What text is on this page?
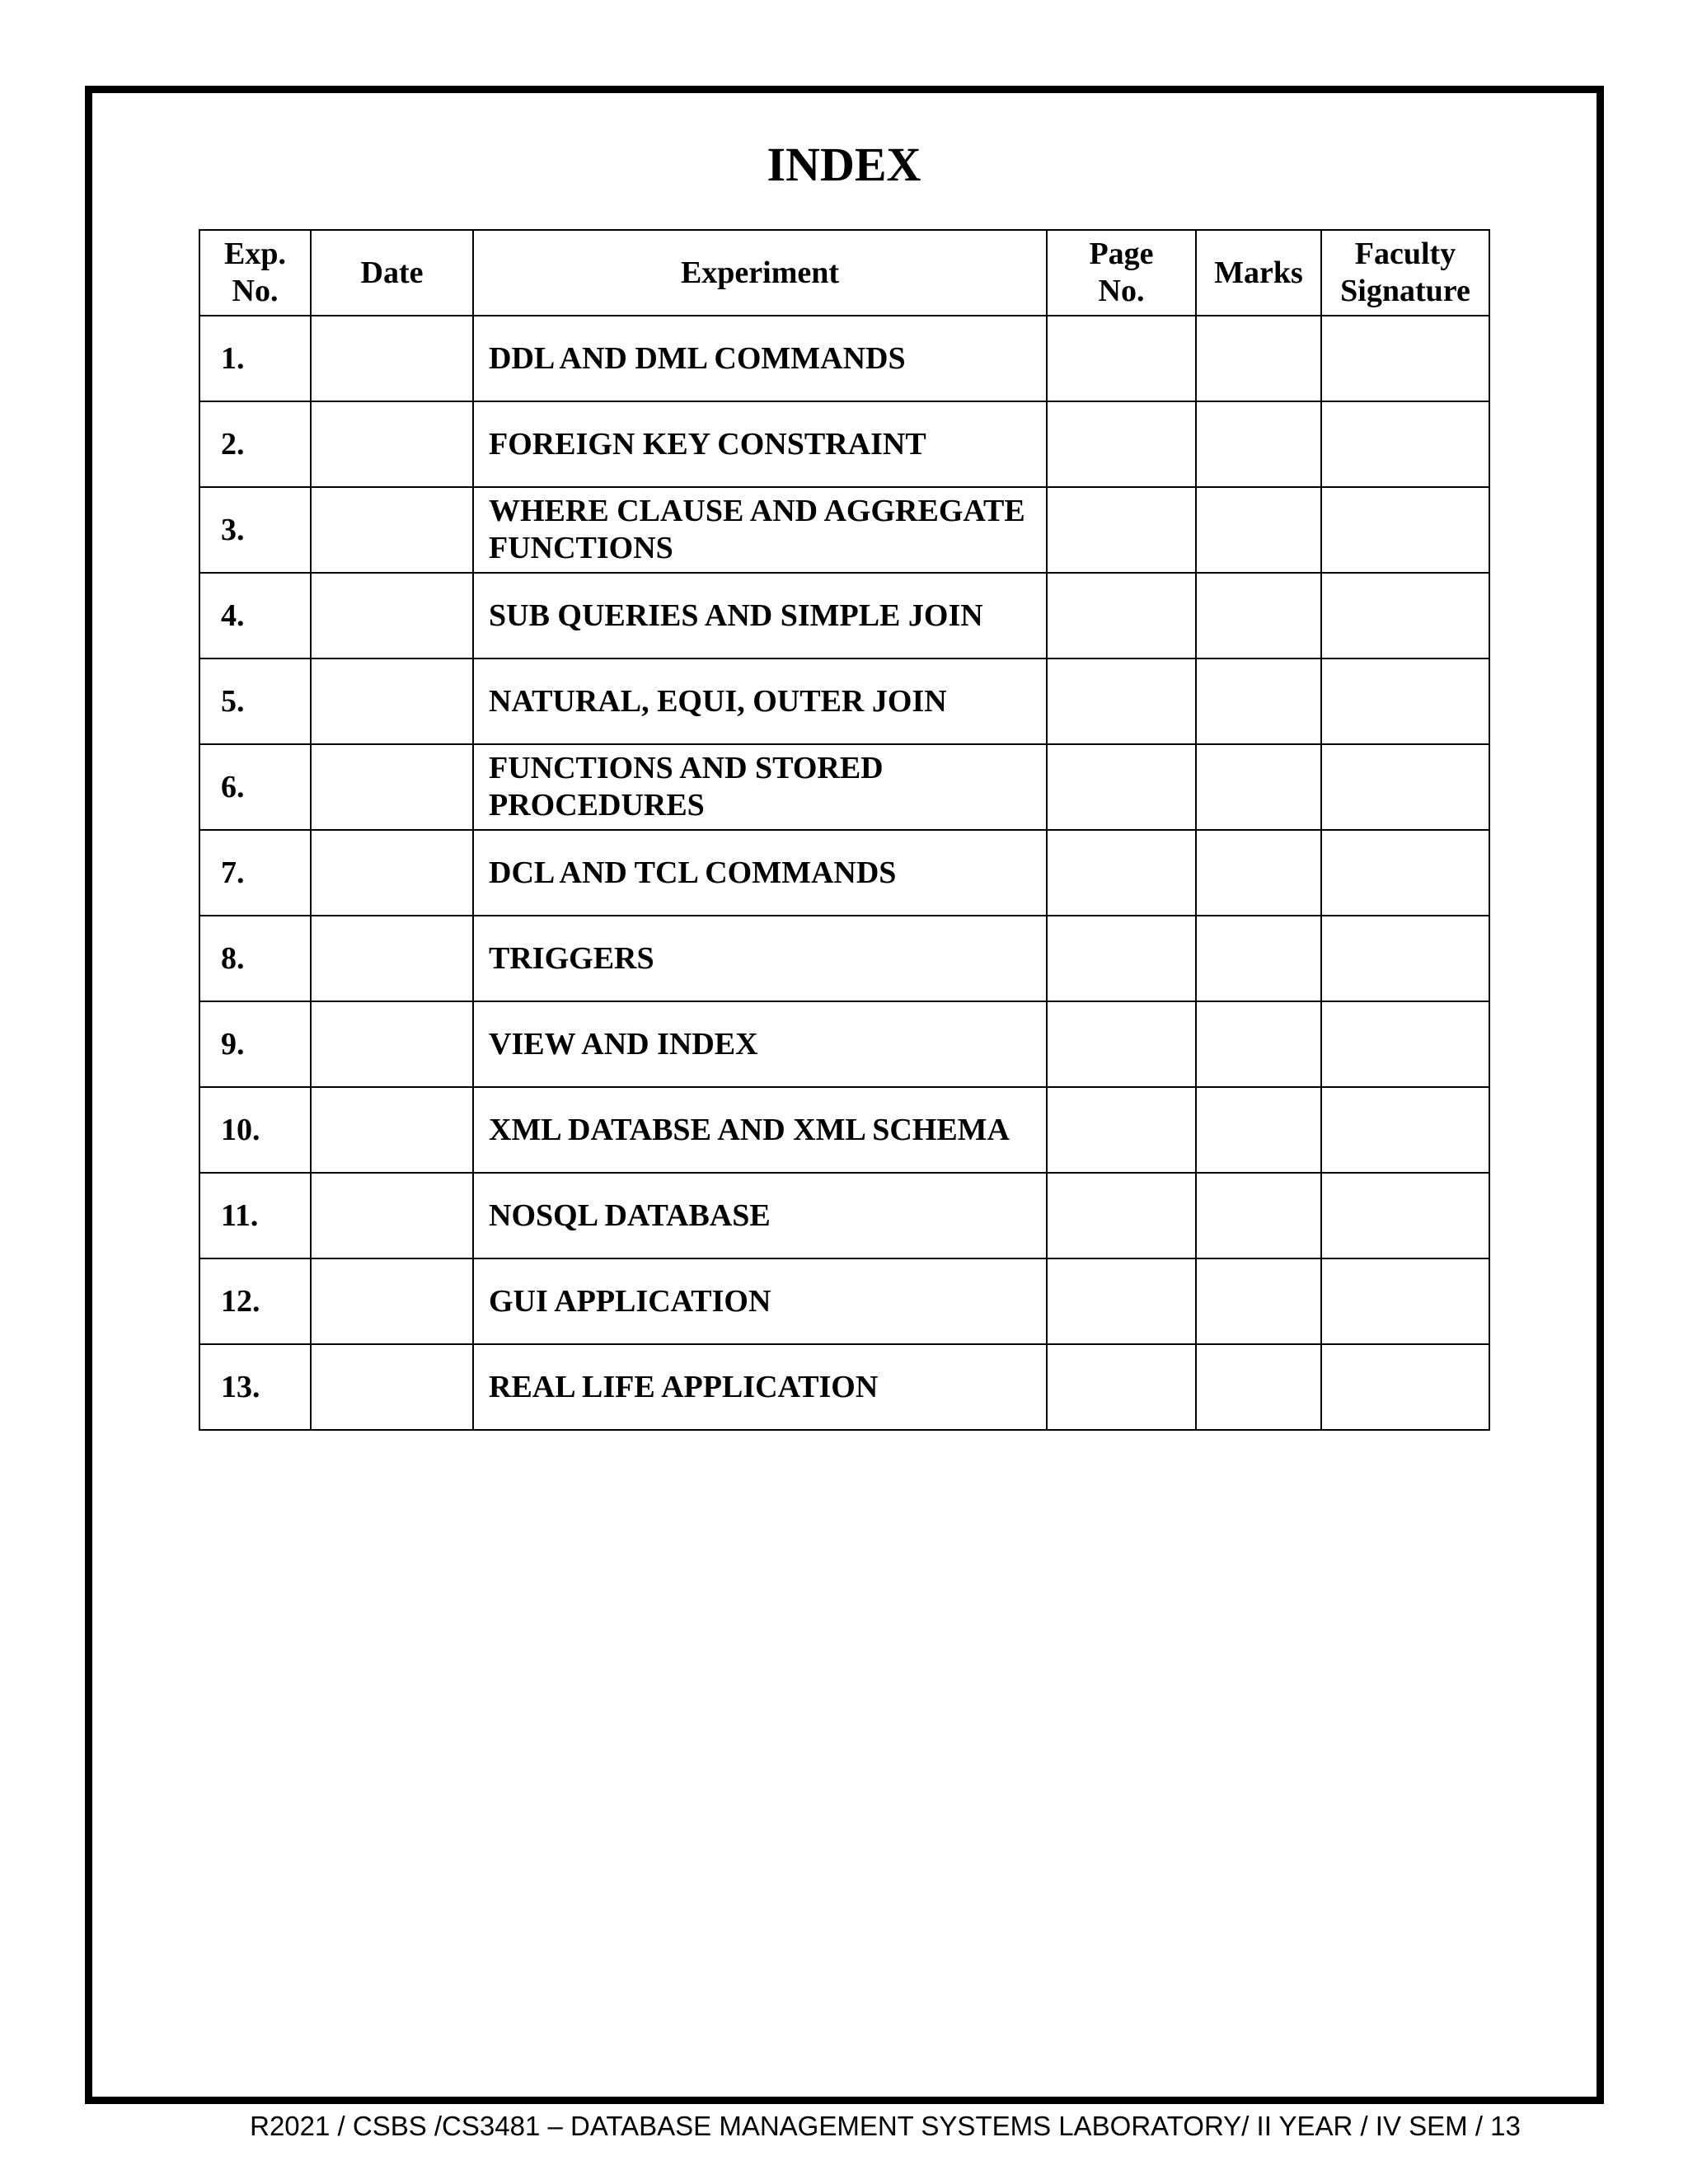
INDEX
Exp. No.	Date	Experiment	Page No.	Marks	Faculty Signature
1.		DDL AND DML COMMANDS			
2.		FOREIGN KEY CONSTRAINT			
3.		WHERE CLAUSE AND AGGREGATE FUNCTIONS			
4.		SUB QUERIES AND SIMPLE JOIN			
5.		NATURAL, EQUI, OUTER JOIN			
6.		FUNCTIONS AND STORED PROCEDURES			
7.		DCL AND TCL COMMANDS			
8.		TRIGGERS			
9.		VIEW AND INDEX			
10.		XML DATABSE AND XML SCHEMA			
11.		NOSQL DATABASE			
12.		GUI APPLICATION			
13.		REAL LIFE APPLICATION			
R2021 / CSBS /CS3481 – DATABASE MANAGEMENT SYSTEMS LABORATORY/ II YEAR / IV SEM / 13
